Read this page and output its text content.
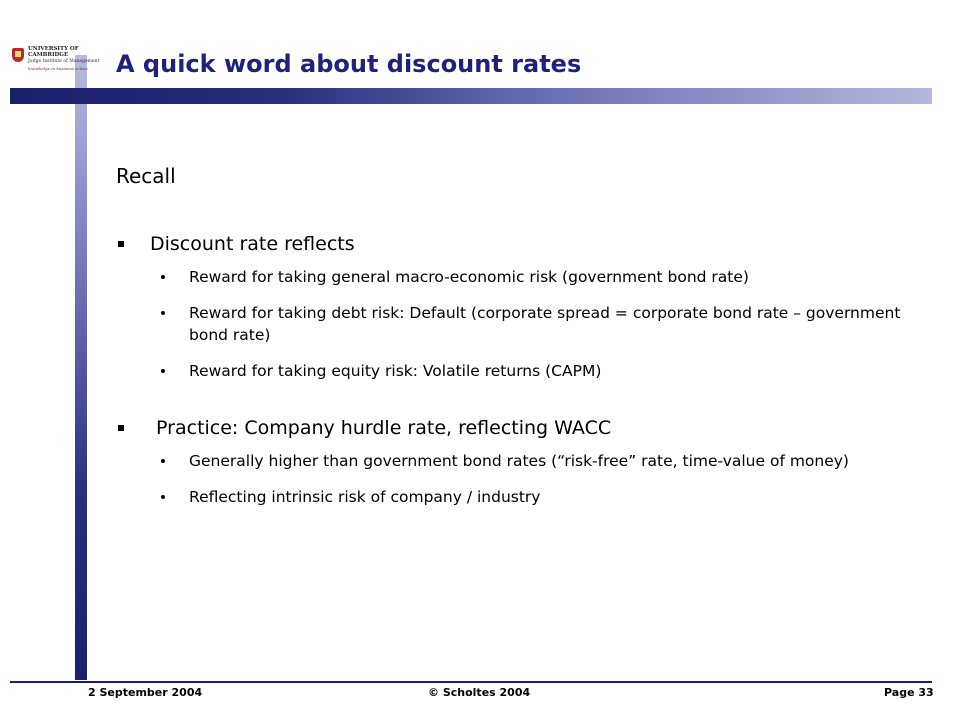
UNIVERSITY OF
CAMBRIDGE
Judge Institute of Management
knowledge in business action A quick word about discount rates
Recall
Discount rate reflects
Reward for taking general macro-economic risk (government bond rate)
Reward for taking debt risk: Default (corporate spread = corporate bond rate – government bond rate)
Reward for taking equity risk: Volatile returns (CAPM)
Practice: Company hurdle rate, reflecting WACC
Generally higher than government bond rates (“risk-free” rate, time-value of money)
Reflecting intrinsic risk of company / industry
2 September 2004	© Scholtes 2004	Page 33
